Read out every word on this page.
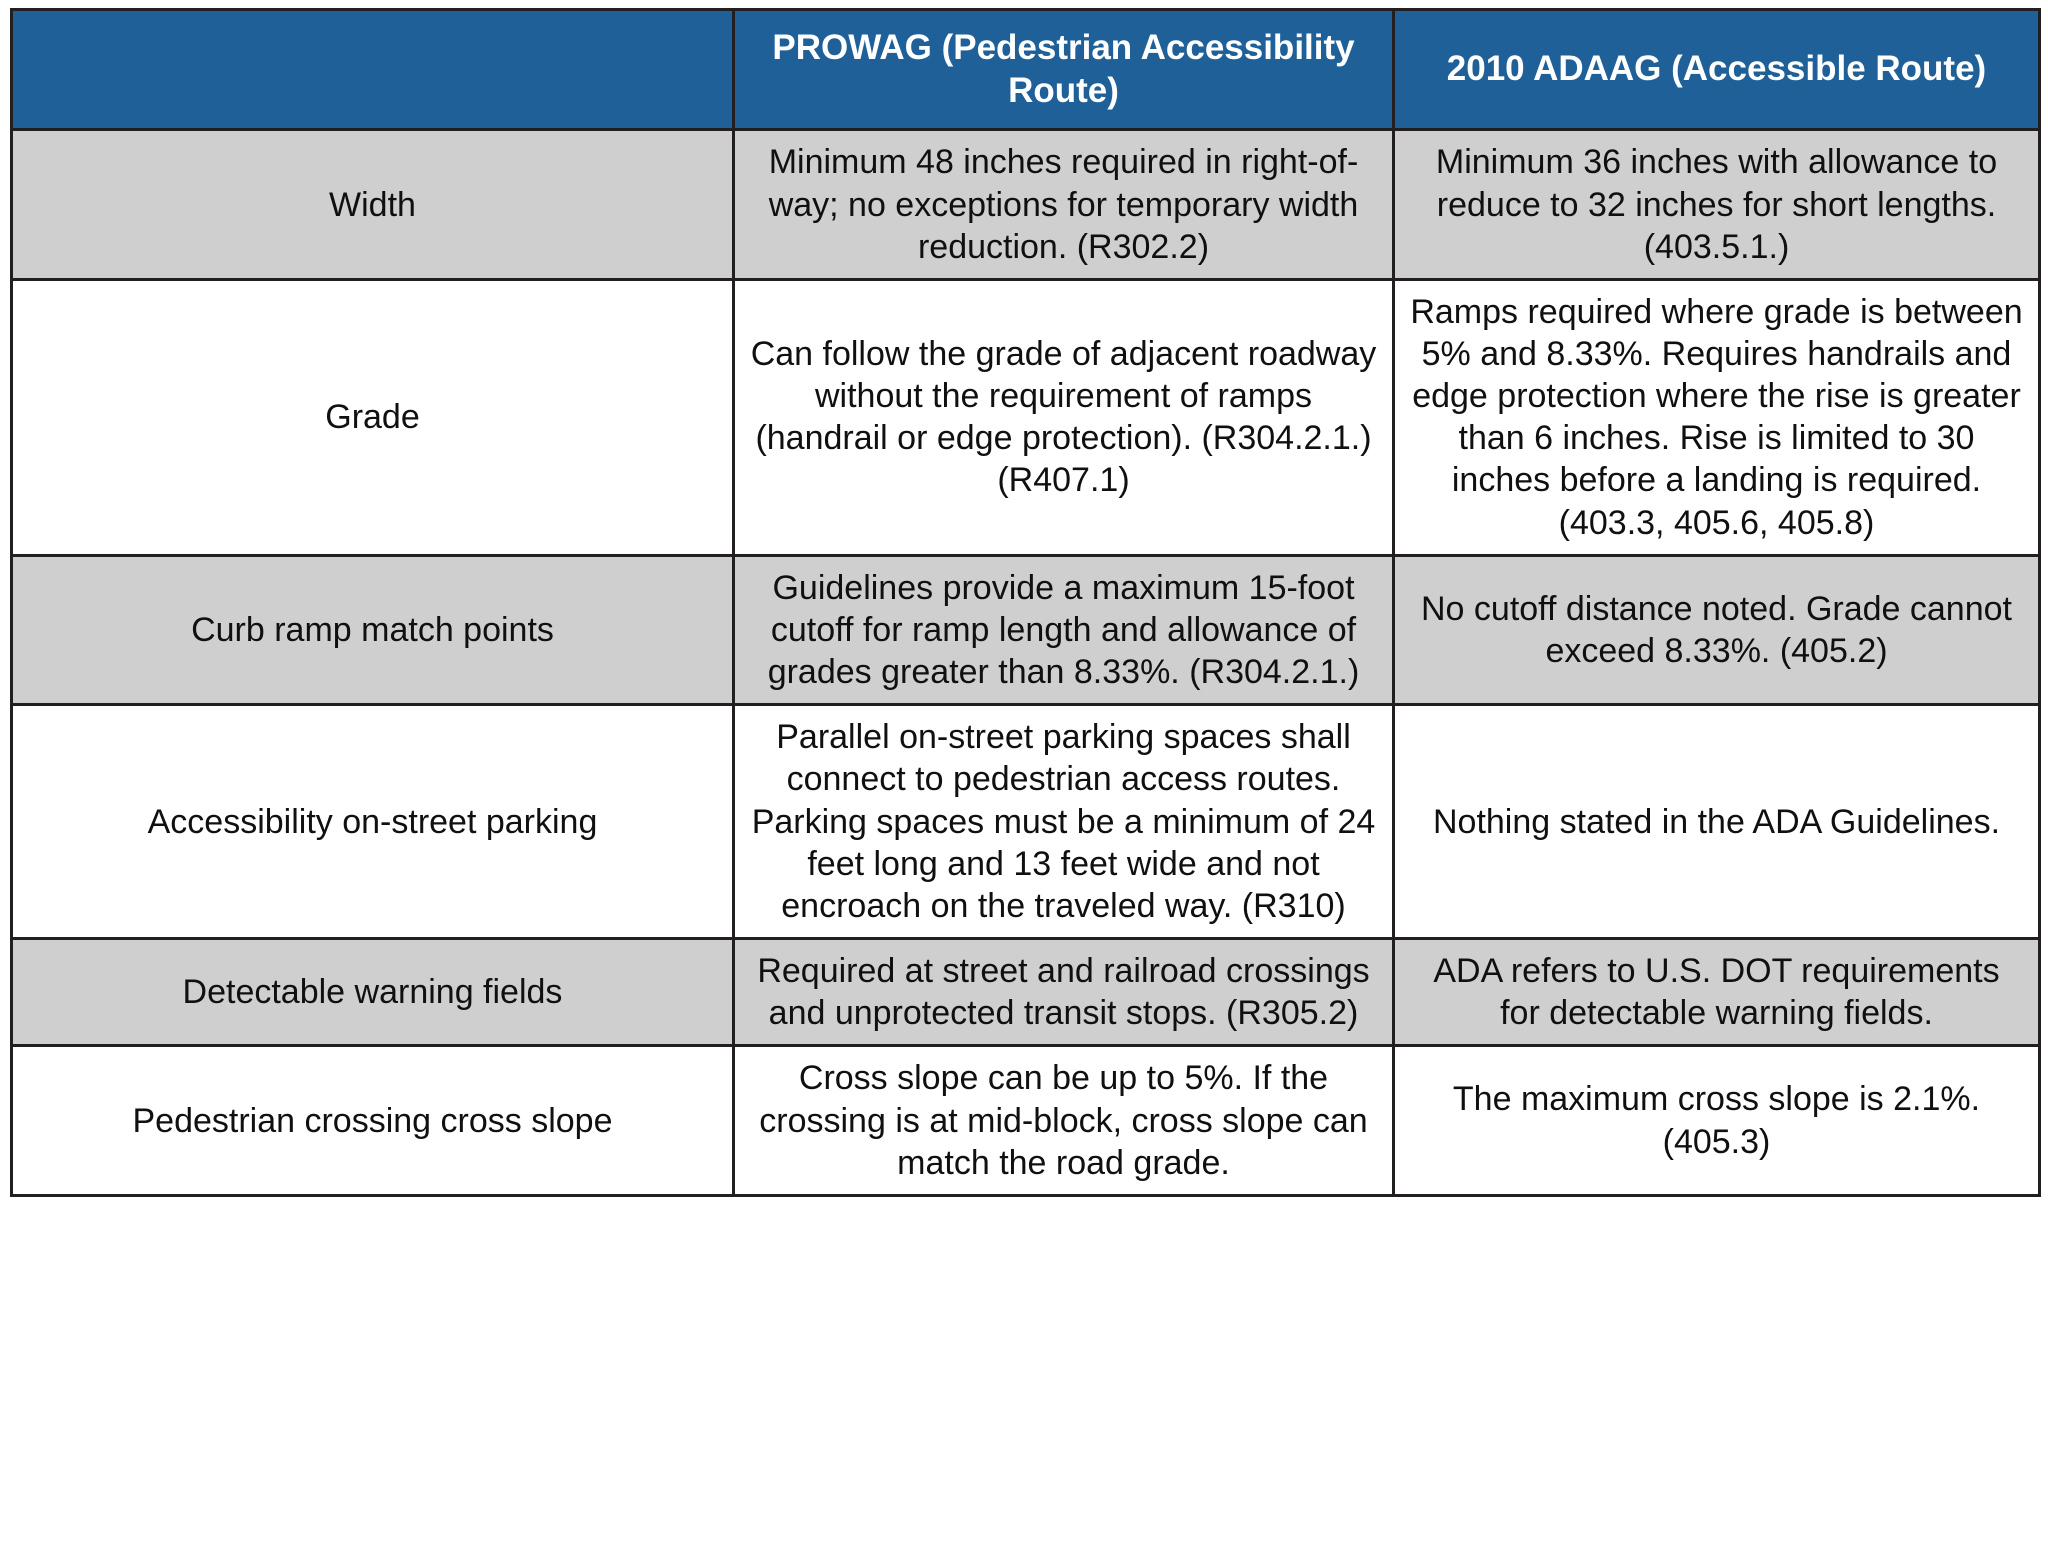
	PROWAG (Pedestrian Accessibility Route)	2010 ADAAG (Accessible Route)
Width	Minimum 48 inches required in right-of-way; no exceptions for temporary width reduction. (R302.2)	Minimum 36 inches with allowance to reduce to 32 inches for short lengths. (403.5.1.)
Grade	Can follow the grade of adjacent roadway without the requirement of ramps (handrail or edge protection). (R304.2.1.) (R407.1)	Ramps required where grade is between 5% and 8.33%. Requires handrails and edge protection where the rise is greater than 6 inches. Rise is limited to 30 inches before a landing is required. (403.3, 405.6, 405.8)
Curb ramp match points	Guidelines provide a maximum 15-foot cutoff for ramp length and allowance of grades greater than 8.33%. (R304.2.1.)	No cutoff distance noted. Grade cannot exceed 8.33%. (405.2)
Accessibility on-street parking	Parallel on-street parking spaces shall connect to pedestrian access routes. Parking spaces must be a minimum of 24 feet long and 13 feet wide and not encroach on the traveled way. (R310)	Nothing stated in the ADA Guidelines.
Detectable warning fields	Required at street and railroad crossings and unprotected transit stops. (R305.2)	ADA refers to U.S. DOT requirements for detectable warning fields.
Pedestrian crossing cross slope	Cross slope can be up to 5%. If the crossing is at mid-block, cross slope can match the road grade.	The maximum cross slope is 2.1%. (405.3)
